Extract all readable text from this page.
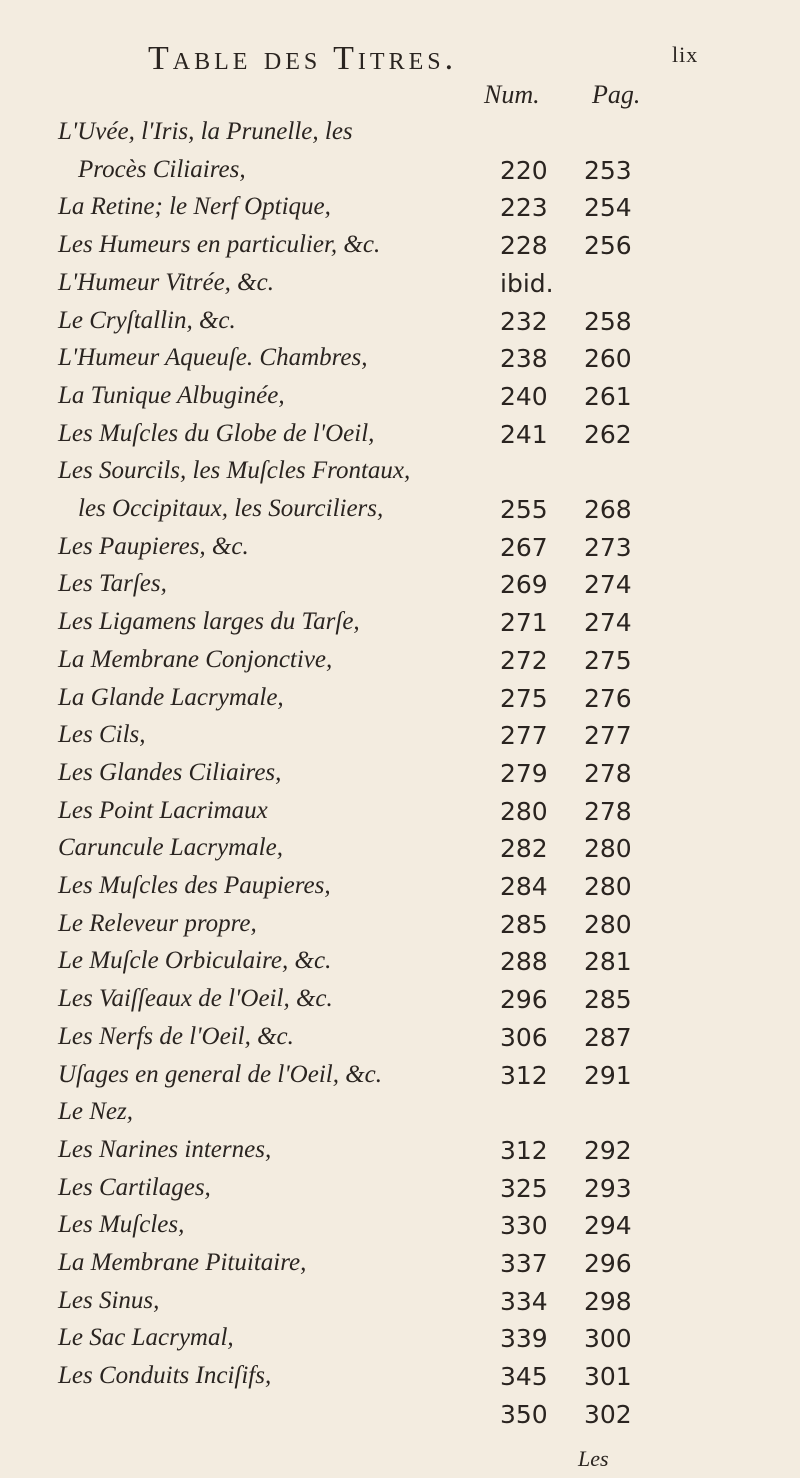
Table des Titres.	lix
Num. Pag.
L'Uvée, l'Iris, la Prunelle, les
Procès Ciliaires,	220 253
La Retine; le Nerf Optique,	223 254
Les Humeurs en particulier, &c.	228 256
L'Humeur Vitrée, &c.	ibid.
Le Cryſtallin, &c.	232 258
L'Humeur Aqueuſe. Chambres,	238 260
La Tunique Albuginée,	240 261
Les Muſcles du Globe de l'Oeil,	241 262
Les Sourcils, les Muſcles Frontaux,
les Occipitaux, les Sourciliers,	255 268
Les Paupieres, &c.	267 273
Les Tarſes,	269 274
Les Ligamens larges du Tarſe,	271 274
La Membrane Conjonctive,	272 275
La Glande Lacrymale,	275 276
Les Cils,	277 277
Les Glandes Ciliaires,	279 278
Les Point Lacrimaux	280 278
Caruncule Lacrymale,	282 280
Les Muſcles des Paupieres,	284 280
Le Releveur propre,	285 280
Le Muſcle Orbiculaire, &c.	288 281
Les Vaiſſeaux de l'Oeil, &c.	296 285
Les Nerfs de l'Oeil, &c.	306 287
Uſages en general de l'Oeil, &c.	312 291
Le Nez,
Les Narines internes,	312 292
Les Cartilages,	325 293
Les Muſcles,	330 294
La Membrane Pituitaire,	337 296
Les Sinus,	334 298
Le Sac Lacrymal,	339 300
Les Conduits Inciſifs,	345 301
350 302
Les
